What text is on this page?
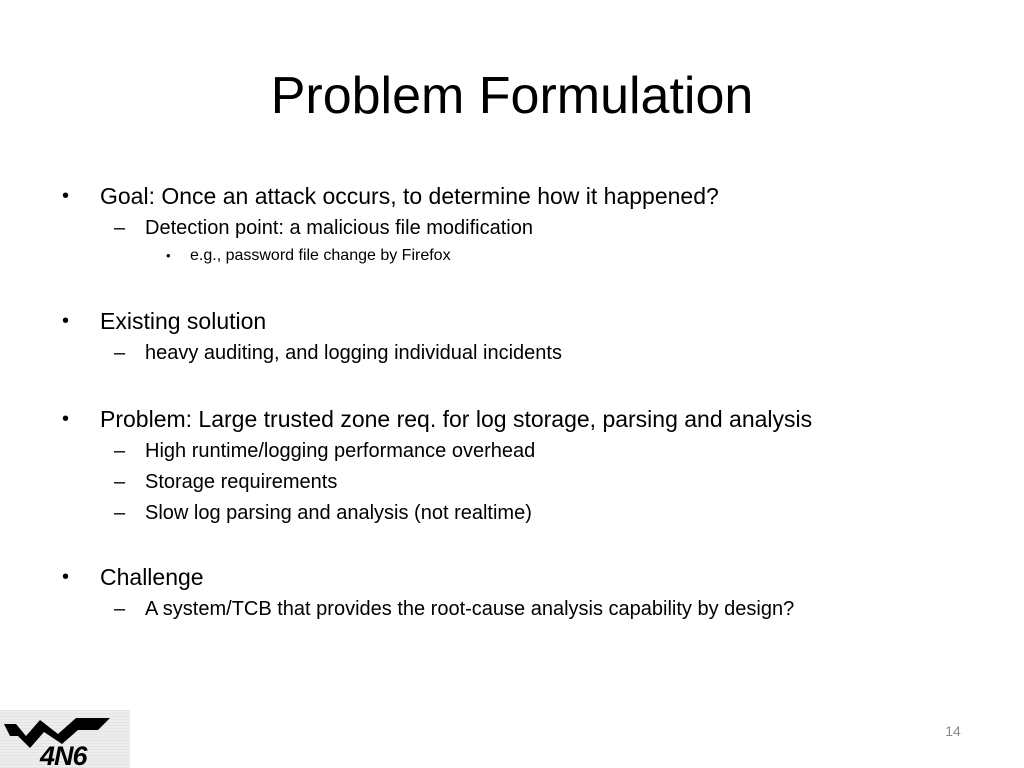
Problem Formulation
• Goal: Once an attack occurs, to determine how it happened?
– Detection point: a malicious file modification
• e.g., password file change by Firefox
• Existing solution
– heavy auditing, and logging individual incidents
• Problem: Large trusted zone req. for log storage, parsing and analysis
– High runtime/logging performance overhead
– Storage requirements
– Slow log parsing and analysis (not realtime)
• Challenge
– A system/TCB that provides the root-cause analysis capability by design?
4N6
14
